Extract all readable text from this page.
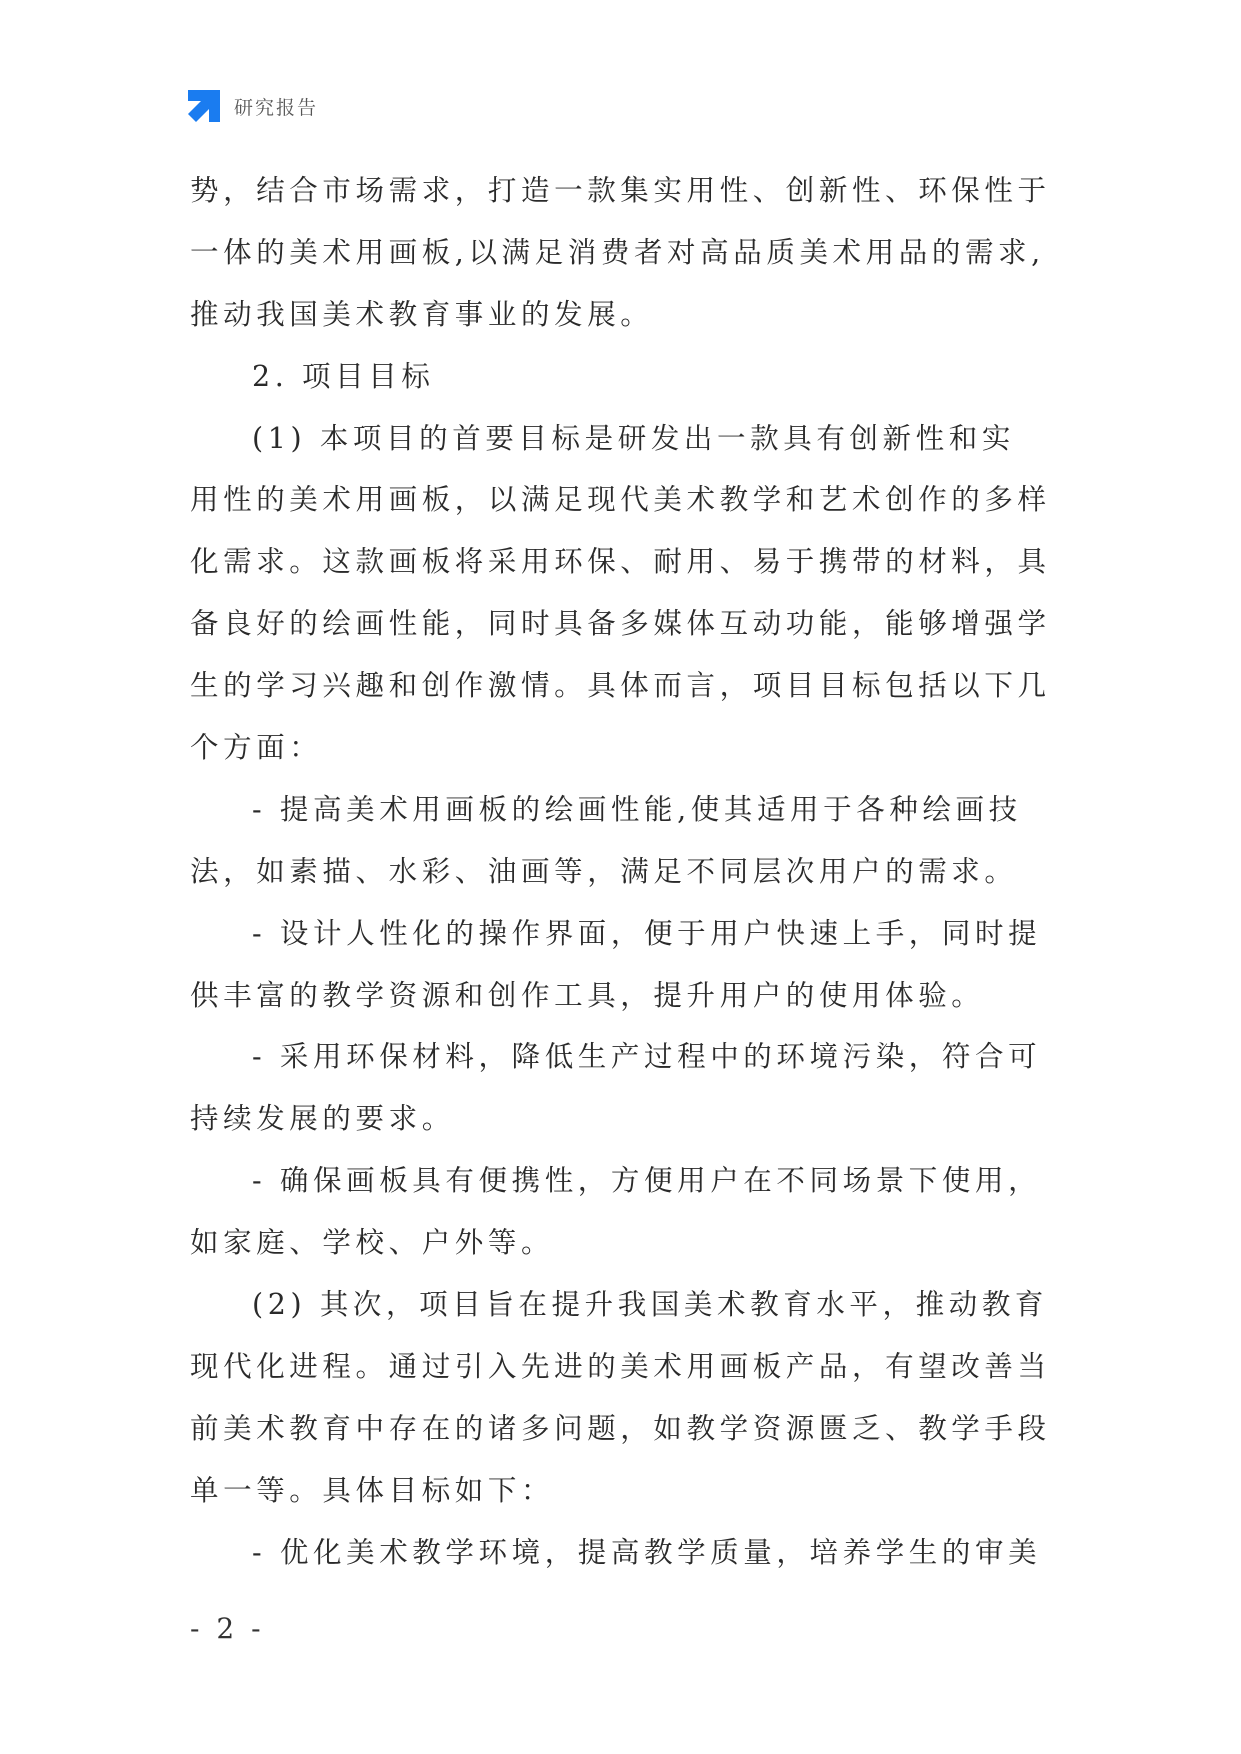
研究报告
势，结合市场需求，打造一款集实用性、创新性、环保性于
一体的美术用画板,以满足消费者对高品质美术用品的需求,
推动我国美术教育事业的发展。
2. 项目目标
(1) 本项目的首要目标是研发出一款具有创新性和实
用性的美术用画板，以满足现代美术教学和艺术创作的多样
化需求。这款画板将采用环保、耐用、易于携带的材料，具
备良好的绘画性能，同时具备多媒体互动功能，能够增强学
生的学习兴趣和创作激情。具体而言，项目目标包括以下几
个方面：
- 提高美术用画板的绘画性能,使其适用于各种绘画技
法，如素描、水彩、油画等，满足不同层次用户的需求。
- 设计人性化的操作界面，便于用户快速上手，同时提
供丰富的教学资源和创作工具，提升用户的使用体验。
- 采用环保材料，降低生产过程中的环境污染，符合可
持续发展的要求。
- 确保画板具有便携性，方便用户在不同场景下使用，
如家庭、学校、户外等。
(2) 其次，项目旨在提升我国美术教育水平，推动教育
现代化进程。通过引入先进的美术用画板产品，有望改善当
前美术教育中存在的诸多问题，如教学资源匮乏、教学手段
单一等。具体目标如下：
- 优化美术教学环境，提高教学质量，培养学生的审美
- 2 -
